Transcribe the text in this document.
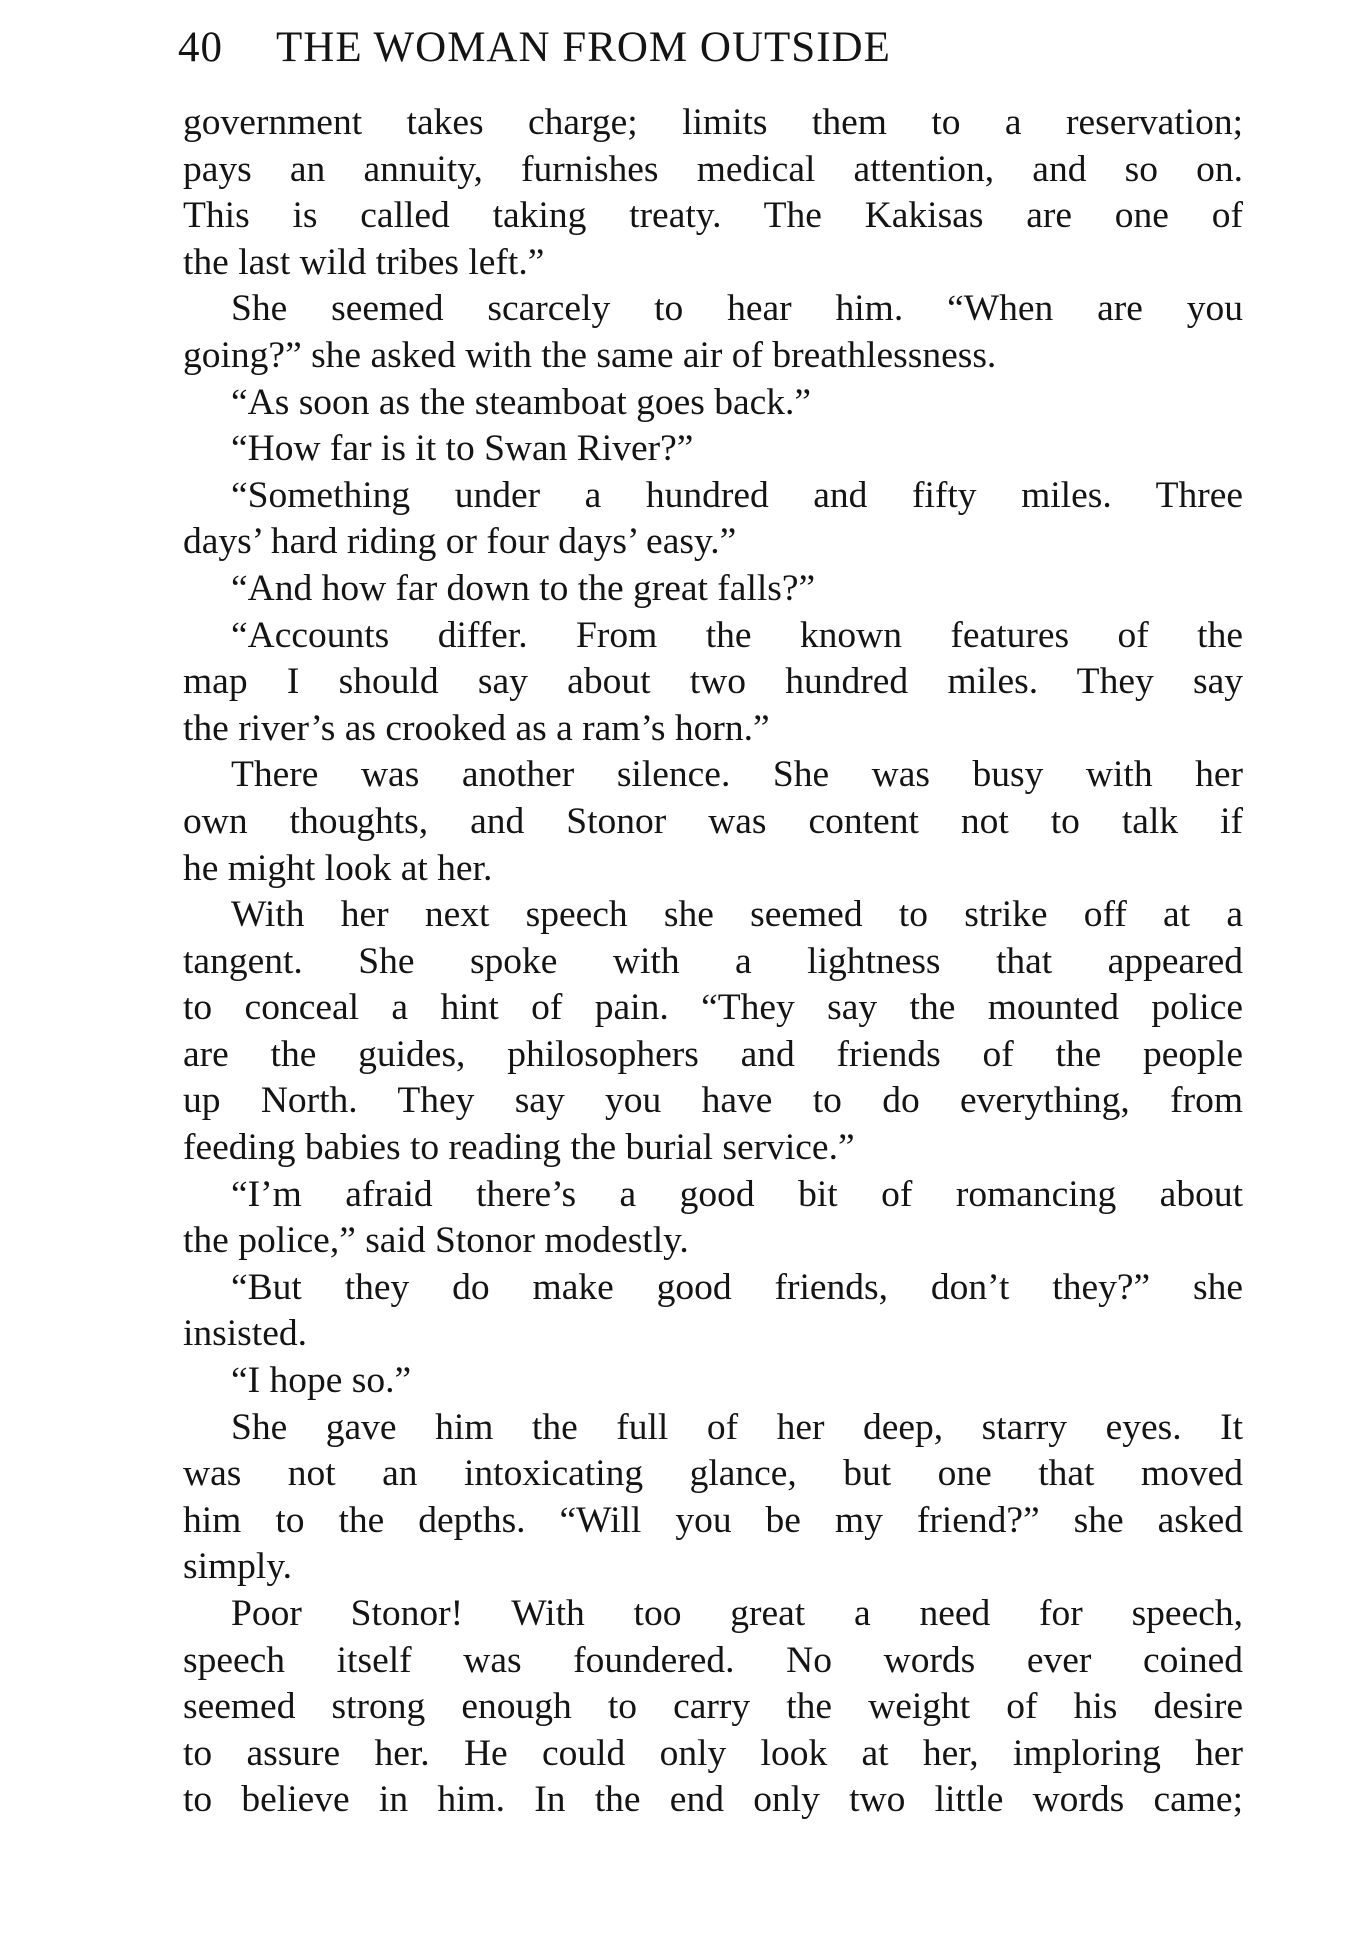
40 THE WOMAN FROM OUTSIDE
government takes charge; limits them to a reservation;
pays an annuity, furnishes medical attention, and so on.
This is called taking treaty. The Kakisas are one of
the last wild tribes left.”
She seemed scarcely to hear him. “When are you
going?” she asked with the same air of breathlessness.
“As soon as the steamboat goes back.”
“How far is it to Swan River?”
“Something under a hundred and fifty miles. Three
days’ hard riding or four days’ easy.”
“And how far down to the great falls?”
“Accounts differ. From the known features of the
map I should say about two hundred miles. They say
the river’s as crooked as a ram’s horn.”
There was another silence. She was busy with her
own thoughts, and Stonor was content not to talk if
he might look at her.
With her next speech she seemed to strike off at a
tangent. She spoke with a lightness that appeared
to conceal a hint of pain. “They say the mounted police
are the guides, philosophers and friends of the people
up North. They say you have to do everything, from
feeding babies to reading the burial service.”
“I’m afraid there’s a good bit of romancing about
the police,” said Stonor modestly.
“But they do make good friends, don’t they?” she
insisted.
“I hope so.”
She gave him the full of her deep, starry eyes. It
was not an intoxicating glance, but one that moved
him to the depths. “Will you be my friend?” she asked
simply.
Poor Stonor! With too great a need for speech,
speech itself was foundered. No words ever coined
seemed strong enough to carry the weight of his desire
to assure her. He could only look at her, imploring her
to believe in him. In the end only two little words came;
